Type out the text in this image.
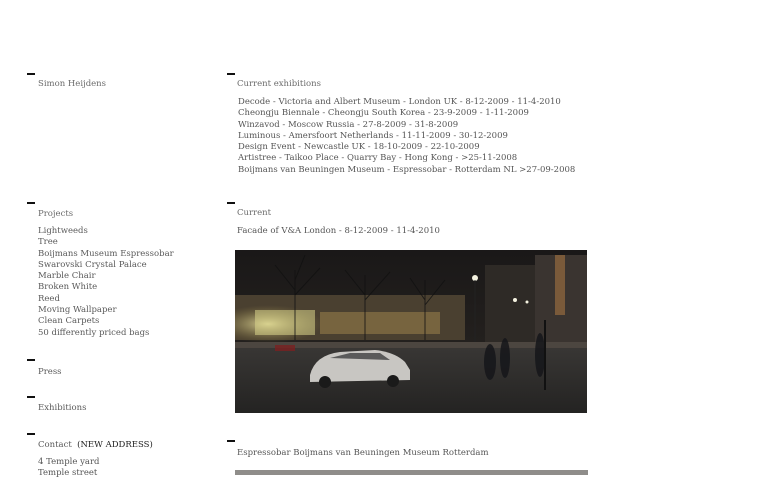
Simon Heijdens
Projects
Lightweeds
Tree
Boijmans Museum Espressobar
Swarovski Crystal Palace
Marble Chair
Broken White
Reed
Moving Wallpaper
Clean Carpets
50 differently priced bags
Press
Exhibitions
Contact (NEW ADDRESS)
4 Temple yard
Temple street
Current exhibitions
Decode - Victoria and Albert Museum - London UK - 8-12-2009 - 11-4-2010
Cheongju Biennale - Cheongju South Korea - 23-9-2009 - 1-11-2009
Winzavod - Moscow Russia - 27-8-2009 - 31-8-2009
Luminous - Amersfoort Netherlands - 11-11-2009 - 30-12-2009
Design Event - Newcastle UK - 18-10-2009 - 22-10-2009
Artistree - Taikoo Place - Quarry Bay - Hong Kong - >25-11-2008
Boijmans van Beuningen Museum - Espressobar - Rotterdam NL >27-09-2008
Current
Facade of V&A London - 8-12-2009 - 11-4-2010
Espressobar Boijmans van Beuningen Museum Rotterdam
